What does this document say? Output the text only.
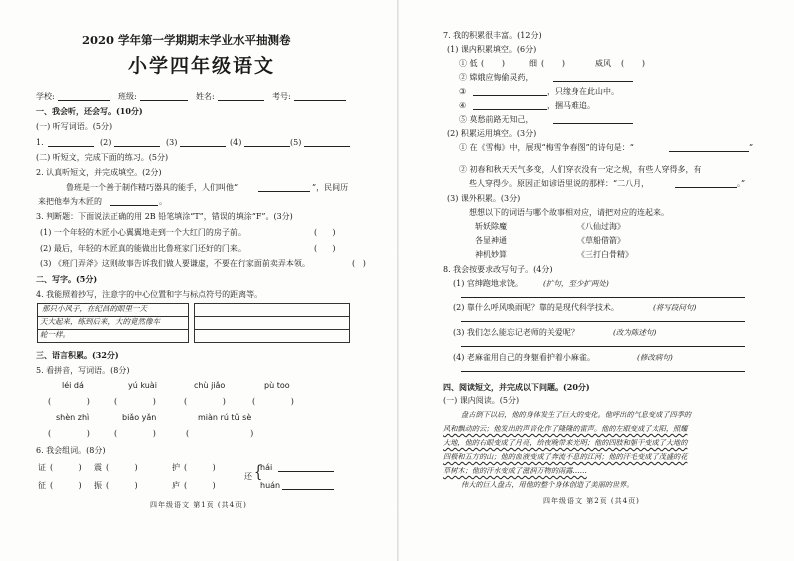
2020 学年第一学期期末学业水平抽测卷
小学四年级语文
学校:	班级:	姓名:	考号:
一、我会听，还会写。(10分)
(一) 听写词语。(5分)
1.	(2)	(3)	(4)	(5)
(二) 听短文，完成下面的练习。(5分)
2. 认真听短文，并完成填空。(2分)
鲁班是一个善于制作精巧器具的能手，人们叫他“	”，民间历
来把他奉为木匠的	。
3. 判断题：下面说法正确的用 2B 铅笔填涂“T”，错误的填涂“F”。(3分)
(1) 一个年轻的木匠小心翼翼地走到一个大红门的房子前。	(      )
(2) 最后，年轻的木匠真的能做出比鲁班家门还好的门来。	(      )
(3) 《班门弄斧》这则故事告诉我们做人要谦虚，不要在行家面前卖弄本领。	(   )
二、写字。(5分)
4. 我能照着抄写，注意字的中心位置和字与标点符号的距离等。
那只小风子，在纪昌的眼里一天
天大起来，练到后来，大的竟然像车
轮一样。
三、语言积累。(32分)
5. 看拼音，写词语。(8分)
léi dá	yú kuài	chù jiǎo	pù too
(              )	(              )	(              )	(              )
shèn zhì	biǎo yǎn	miàn rú tǔ sè
(              )	(              )	(                        )
6. 我会组词。(8分)
证 (          ) 震 (          )	护 (          )
征 (          ) 振 (          )	庐 (          )
还 {
hái
huán
四年级语文 第1页 (共4页)
7. 我的积累很丰富。(12分)
(1) 课内积累填空。(6分)
① 低 (       )	细 (       )	威风 (       )
② 嫦娥应悔偷灵药，
③	，只缘身在此山中。
④	，捆马难追。
⑤ 莫愁前路无知己，
(2) 积累运用填空。(3分)
① 在《雪梅》中，展现“梅雪争春图”的诗句是：“	”
② 初春和秋天天气多变，人们穿衣没有一定之规，有些人穿得多，有
些人穿得少。原因正如谚语里说的那样：“二八月，	。”
(3) 课外积累。(3分)
想想以下的词语与哪个故事相对应，请把对应的连起来。
斩妖除魔
各显神通
神机妙算
《八仙过海》
《草船借箭》
《三打白骨精》
8. 我会按要求改写句子。(4分)
(1) 官绅跑地求饶。	(扩句，至少扩两处)
(2) 靠什么呼风唤雨呢？靠的是现代科学技术。	(将写段问句)
(3) 我们怎么能忘记老师的关爱呢？	(改为陈述句)
(4) 老麻雀用自己的身躯看护着小麻雀。	(修改病句)
四、阅读短文，并完成以下问题。(20分)
(一) 课内阅读。(5分)
盘古倒下以后，他的身体发生了巨大的变化。他呼出的气息变成了四季的
风和飘动的云；他发出的声音化作了隆隆的雷声。他的左眼变成了太阳，照耀
大地，他的右眼变成了月亮，给夜晚带来光明；他的四肢和躯干变成了大地的
四极和五方的山；他的血液变成了奔流不息的江河；他的汗毛变成了茂盛的花
草树木；他的汗水变成了滋润万物的雨露……
伟大的巨人盘古，用他的整个身体创造了美丽的世界。
四年级语文 第2页 (共4页)
